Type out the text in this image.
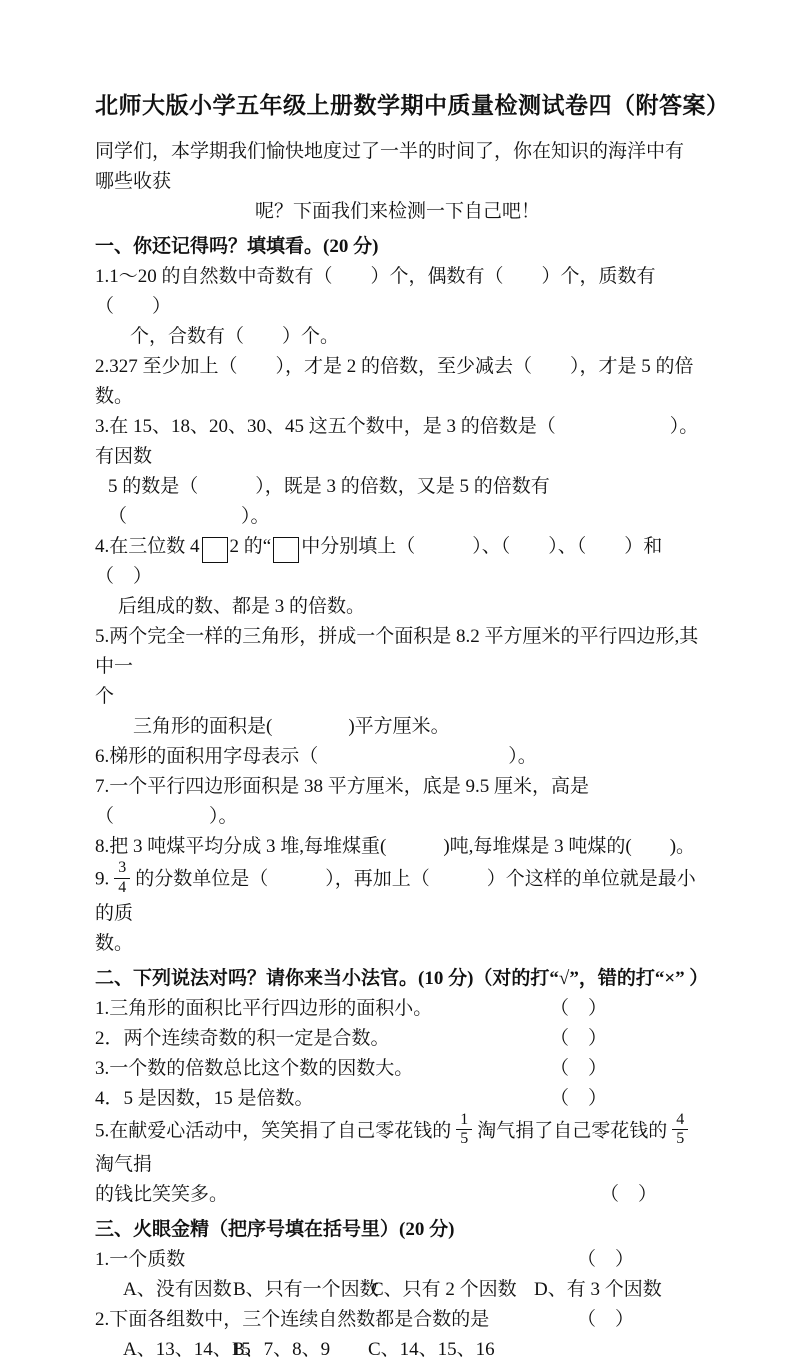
北师大版小学五年级上册数学期中质量检测试卷四（附答案）
同学们，本学期我们愉快地度过了一半的时间了，你在知识的海洋中有哪些收获
呢？下面我们来检测一下自己吧！
一、你还记得吗？填填看。(20 分)
1.1～20 的自然数中奇数有（　　）个，偶数有（　　）个，质数有（　　）
个，合数有（　　）个。
2.327 至少加上（　　），才是 2 的倍数，至少减去（　　），才是 5 的倍数。
3.在 15、18、20、30、45 这五个数中，是 3 的倍数是（　　　　　　）。有因数
5 的数是（　　　），既是 3 的倍数，又是 5 的倍数有（　　　　　　）。
4.在三位数 4 2 的“ 中分别填上（　　　）、（　　）、（　　）和（　）
后组成的数、都是 3 的倍数。
5.两个完全一样的三角形，拼成一个面积是 8.2 平方厘米的平行四边形,其中一
个
三角形的面积是(　　　　)平方厘米。
6.梯形的面积用字母表示（　　　　　　　　　　）。
7.一个平行四边形面积是 38 平方厘米，底是 9.5 厘米，高是（　　　　　）。
8.把 3 吨煤平均分成 3 堆,每堆煤重(　　　)吨,每堆煤是 3 吨煤的(　　)。
9. $\frac{3}{4}$ 的分数单位是（　　　），再加上（　　　）个这样的单位就是最小的质
数。
二、下列说法对吗？请你来当小法官。(10 分)（对的打“√”，错的打“×” ）
1.三角形的面积比平行四边形的面积小。	（　）
2．两个连续奇数的积一定是合数。	（　）
3.一个数的倍数总比这个数的因数大。	（　）
4．5 是因数，15 是倍数。	（　）
5.在献爱心活动中，笑笑捐了自己零花钱的 $\frac{1}{5}$ 淘气捐了自己零花钱的 $\frac{4}{5}$
淘气捐
的钱比笑笑多。	（　）
三、火眼金精（把序号填在括号里）(20 分)
1.一个质数	（　）
A、没有因数B、只有一个因数C、只有 2 个因数 D、有 3 个因数
2.下面各组数中，三个连续自然数都是合数的是	（　）
A、13、14、15B、7、8、9 C、14、15、16
